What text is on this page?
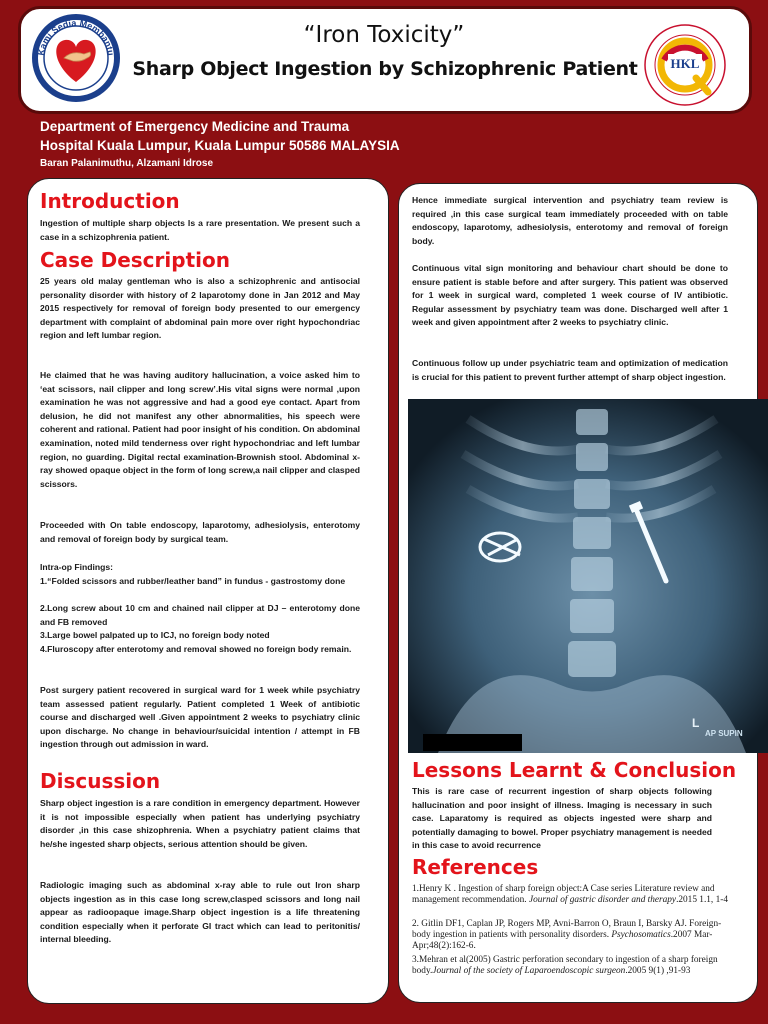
Kami Sedia Membantu
HKL
“Iron Toxicity”
Sharp Object Ingestion by Schizophrenic Patient
Department of Emergency Medicine and Trauma
Hospital Kuala Lumpur, Kuala Lumpur 50586 MALAYSIA
Baran Palanimuthu, Alzamani Idrose
Introduction
Ingestion of multiple sharp objects Is a rare presentation. We present such a case in a schizophrenia patient.
Case Description
25 years old malay gentleman who is also a schizophrenic and antisocial personality disorder with history of 2 laparotomy done in Jan 2012 and May 2015 respectively for removal of foreign body presented to our emergency department with complaint of abdominal pain more over right hypochondriac region and left lumbar region.
He claimed that he was having auditory hallucination, a voice asked him to ‘eat scissors, nail clipper and long screw’.His vital signs were normal ,upon examination he was not aggressive and had a good eye contact. Apart from delusion, he did not manifest any other abnormalities, his speech were coherent and rational. Patient had poor insight of his condition. On abdominal examination, noted mild tenderness over right hypochondriac and left lumbar region, no guarding. Digital rectal examination-Brownish stool. Abdominal x-ray showed opaque object in the form of long screw,a nail clipper and clasped scissors.
Proceeded with On table endoscopy, laparotomy, adhesiolysis, enterotomy and removal of foreign body by surgical team.
Intra-op Findings:
1.“Folded scissors and rubber/leather band” in fundus - gastrostomy done
2.Long screw about 10 cm and chained nail clipper at DJ – enterotomy done and FB removed
3.Large bowel palpated up to ICJ, no foreign body noted
4.Fluroscopy after enterotomy and removal showed no foreign body remain.
Post surgery patient recovered in surgical ward for 1 week while psychiatry team assessed patient regularly. Patient completed 1 Week of antibiotic course and discharged well .Given appointment 2 weeks to psychiatry clinic upon discharge. No change in behaviour/suicidal intention / attempt in FB ingestion through out admission in ward.
Discussion
Sharp object ingestion is a rare condition in emergency department. However it is not impossible especially when patient has underlying psychiatry disorder ,in this case shizophrenia. When a psychiatry patient claims that he/she ingested sharp objects, serious attention should be given.
Radiologic imaging such as abdominal x-ray able to rule out Iron sharp objects ingestion as in this case long screw,clasped scissors and long nail appear as radioopaque image.Sharp object ingestion is a life threatening condition especially when it perforate GI tract which can lead to peritonitis/ internal bleeding.
Hence immediate surgical intervention and psychiatry team review is required ,in this case surgical team immediately proceeded with on table endoscopy, laparotomy, adhesiolysis, enterotomy and removal of foreign body.
Continuous vital sign monitoring and behaviour chart should be done to ensure patient is stable before and after surgery. This patient was observed for 1 week in surgical ward, completed 1 week course of IV antibiotic. Regular assessment by psychiatry team was done. Discharged well after 1 week and given appointment after 2 weeks to psychiatry clinic.
Continuous follow up under psychiatric team and optimization of medication is crucial for this patient to prevent further attempt of sharp object ingestion.
L
AP SUPIN
Lessons Learnt & Conclusion
This is rare case of recurrent ingestion of sharp objects following hallucination and poor insight of illness. Imaging is necessary in such case. Laparatomy is required as objects ingested were sharp and potentially damaging to bowel. Proper psychiatry management is needed in this case to avoid recurrence
References
1.Henry K . Ingestion of sharp foreign object:A Case series Literature review and management recommendation. Journal of gastric disorder and therapy.2015 1.1, 1-4
2. Gitlin DF1, Caplan JP, Rogers MP, Avni-Barron O, Braun I, Barsky AJ. Foreign-body ingestion in patients with personality disorders. Psychosomatics.2007 Mar-Apr;48(2):162-6.
3.Mehran et al(2005) Gastric perforation secondary to ingestion of a sharp foreign body.Journal of the society of Laparoendoscopic surgeon.2005 9(1) ,91-93
